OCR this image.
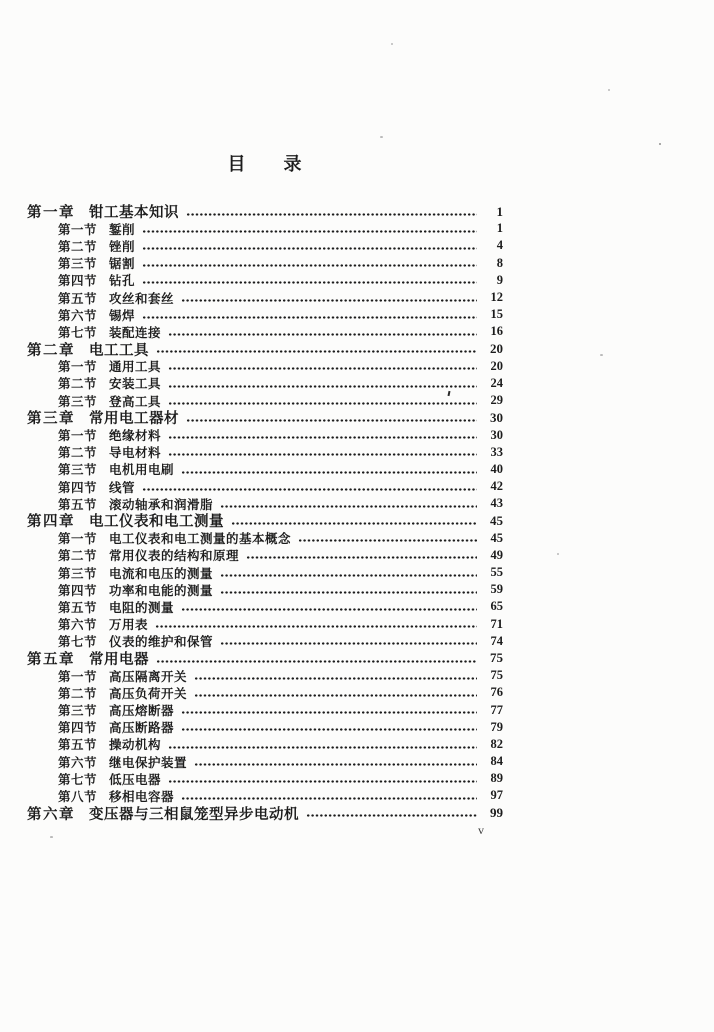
目 录
第一章 钳工基本知识	1
第一节 錾削	1
第二节 锉削	4
第三节 锯割	8
第四节 钻孔	9
第五节 攻丝和套丝	12
第六节 锡焊	15
第七节 装配连接	16
第二章 电工工具	20
第一节 通用工具	20
第二节 安装工具	24
第三节 登高工具	29
第三章 常用电工器材	30
第一节 绝缘材料	30
第二节 导电材料	33
第三节 电机用电刷	40
第四节 线管	42
第五节 滚动轴承和润滑脂	43
第四章 电工仪表和电工测量	45
第一节 电工仪表和电工测量的基本概念	45
第二节 常用仪表的结构和原理	49
第三节 电流和电压的测量	55
第四节 功率和电能的测量	59
第五节 电阻的测量	65
第六节 万用表	71
第七节 仪表的维护和保管	74
第五章 常用电器	75
第一节 高压隔离开关	75
第二节 高压负荷开关	76
第三节 高压熔断器	77
第四节 高压断路器	79
第五节 操动机构	82
第六节 继电保护装置	84
第七节 低压电器	89
第八节 移相电容器	97
第六章 变压器与三相鼠笼型异步电动机	99
v
